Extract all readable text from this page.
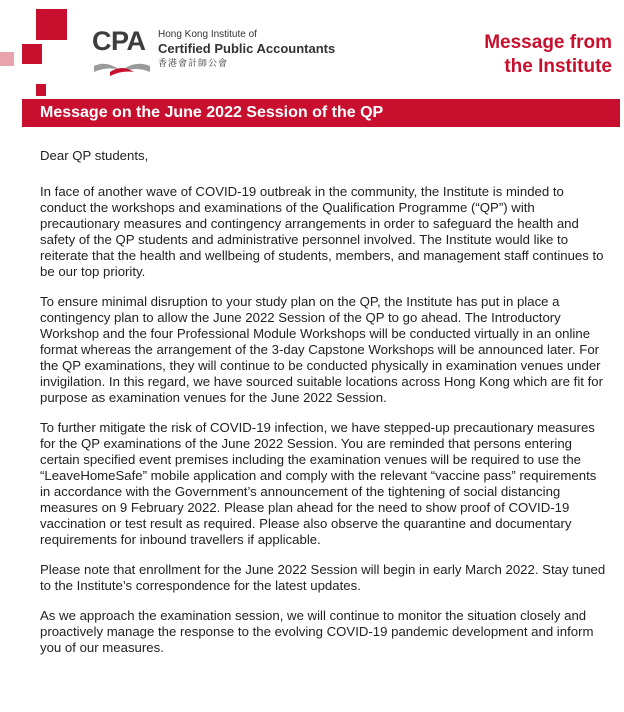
CPA Hong Kong Institute of
Certified Public Accountants
香港會計師公會
Message from
the Institute
Message on the June 2022 Session of the QP

Dear QP students,

In face of another wave of COVID-19 outbreak in the community, the Institute is minded to conduct the workshops and examinations of the Qualification Programme (“QP”) with precautionary measures and contingency arrangements in order to safeguard the health and safety of the QP students and administrative personnel involved. The Institute would like to reiterate that the health and wellbeing of students, members, and management staff continues to be our top priority.

To ensure minimal disruption to your study plan on the QP, the Institute has put in place a contingency plan to allow the June 2022 Session of the QP to go ahead. The Introductory Workshop and the four Professional Module Workshops will be conducted virtually in an online format whereas the arrangement of the 3-day Capstone Workshops will be announced later. For the QP examinations, they will continue to be conducted physically in examination venues under invigilation. In this regard, we have sourced suitable locations across Hong Kong which are fit for purpose as examination venues for the June 2022 Session.

To further mitigate the risk of COVID-19 infection, we have stepped-up precautionary measures for the QP examinations of the June 2022 Session. You are reminded that persons entering certain specified event premises including the examination venues will be required to use the “LeaveHomeSafe” mobile application and comply with the relevant “vaccine pass” requirements in accordance with the Government’s announcement of the tightening of social distancing measures on 9 February 2022. Please plan ahead for the need to show proof of COVID-19 vaccination or test result as required. Please also observe the quarantine and documentary requirements for inbound travellers if applicable.

Please note that enrollment for the June 2022 Session will begin in early March 2022. Stay tuned to the Institute’s correspondence for the latest updates.

As we approach the examination session, we will continue to monitor the situation closely and proactively manage the response to the evolving COVID-19 pandemic development and inform you of our measures.
